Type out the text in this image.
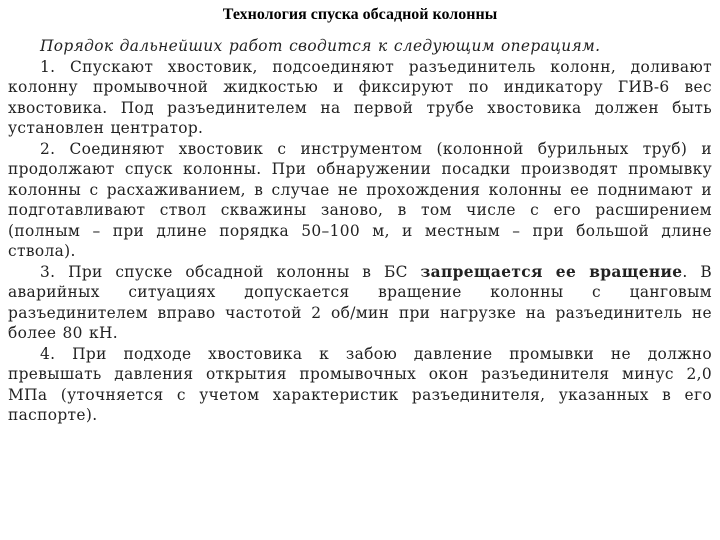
Технология спуска обсадной колонны

Порядок дальнейших работ сводится к следующим операциям.

1. Спускают хвостовик, подсоединяют разъединитель колонн, доливают колонну промывочной жидкостью и фиксируют по индикатору ГИВ-6 вес хвостовика. Под разъединителем на первой трубе хвостовика должен быть установлен центратор.

2. Соединяют хвостовик с инструментом (колонной бурильных труб) и продолжают спуск колонны. При обнаружении посадки производят промывку колонны с расхаживанием, в случае не прохождения колонны ее поднимают и подготавливают ствол скважины заново, в том числе с его расширением (полным – при длине порядка 50–100 м, и местным – при большой длине ствола).

3. При спуске обсадной колонны в БС запрещается ее вращение. В аварийных ситуациях допускается вращение колонны с цанговым разъединителем вправо частотой 2 об/мин при нагрузке на разъединитель не более 80 кН.

4. При подходе хвостовика к забою давление промывки не должно превышать давления открытия промывочных окон разъединителя минус 2,0 МПа (уточняется с учетом характеристик разъединителя, указанных в его паспорте).
